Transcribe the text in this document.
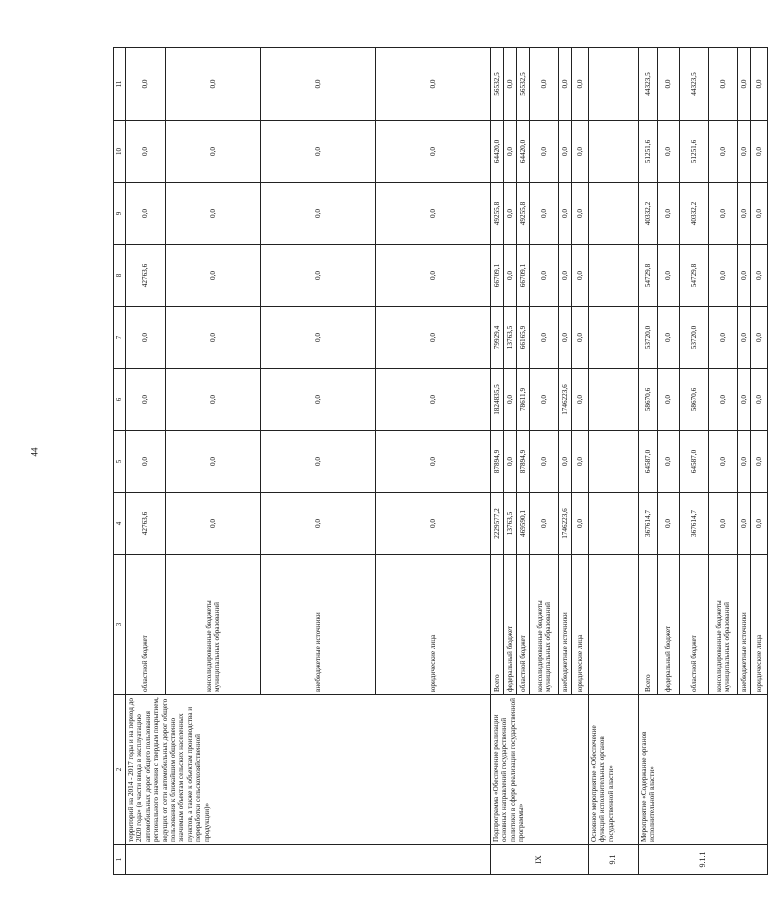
44
1	2	3	4	5	6	7	8	9	10	11
	территорий на 2014 - 2017 годы и на период до 2020 года» (в части ввода в эксплуатацию автомобильных дорог общего пользования регионального значения с твердым покрытием, ведущих от сети автомобильных дорог общего пользования к ближайшим общественно значимым объектам сельских населенных пунктов, а также к объектам производства и переработки сельскохозяйственной продукции)»	областной бюджет	42763,6	0,0	0,0	0,0	42763,6	0,0	0,0	0,0
		консолидированные бюджеты муниципальных образований	0,0	0,0	0,0	0,0	0,0	0,0	0,0	0,0
		внебюджетные источники	0,0	0,0	0,0	0,0	0,0	0,0	0,0	0,0
		юридические лица	0,0	0,0	0,0	0,0	0,0	0,0	0,0	0,0
IX	Подпрограмма «Обеспечение реализации основных направлений государственной политики в сфере реализации государственной программы»	Всего	2229577,2	87894,9	1824835,5	79929,4	66709,1	49255,8	64420,0	56532,5
		федеральный бюджет	13763,5	0,0	0,0	13763,5	0,0	0,0	0,0	0,0
		областной бюджет	469590,1	87894,9	78611,9	66165,9	66709,1	49255,8	64420,0	56532,5
		консолидированные бюджеты муниципальных образований	0,0	0,0	0,0	0,0	0,0	0,0	0,0	0,0
		внебюджетные источники	1746223,6	0,0	1746223,6	0,0	0,0	0,0	0,0	0,0
		юридические лица	0,0	0,0	0,0	0,0	0,0	0,0	0,0	0,0
9.1	Основное мероприятие «Обеспечение функций исполнительных органов государственной власти»									
9.1.1	Мероприятие «Содержание органов исполнительной власти»	Всего	367614,7	64587,0	58670,6	53720,0	54729,8	40332,2	51251,6	44323,5
		федеральный бюджет	0,0	0,0	0,0	0,0	0,0	0,0	0,0	0,0
		областной бюджет	367614,7	64587,0	58670,6	53720,0	54729,8	40332,2	51251,6	44323,5
		консолидированные бюджеты муниципальных образований	0,0	0,0	0,0	0,0	0,0	0,0	0,0	0,0
		внебюджетные источники	0,0	0,0	0,0	0,0	0,0	0,0	0,0	0,0
		юридические лица	0,0	0,0	0,0	0,0	0,0	0,0	0,0	0,0
